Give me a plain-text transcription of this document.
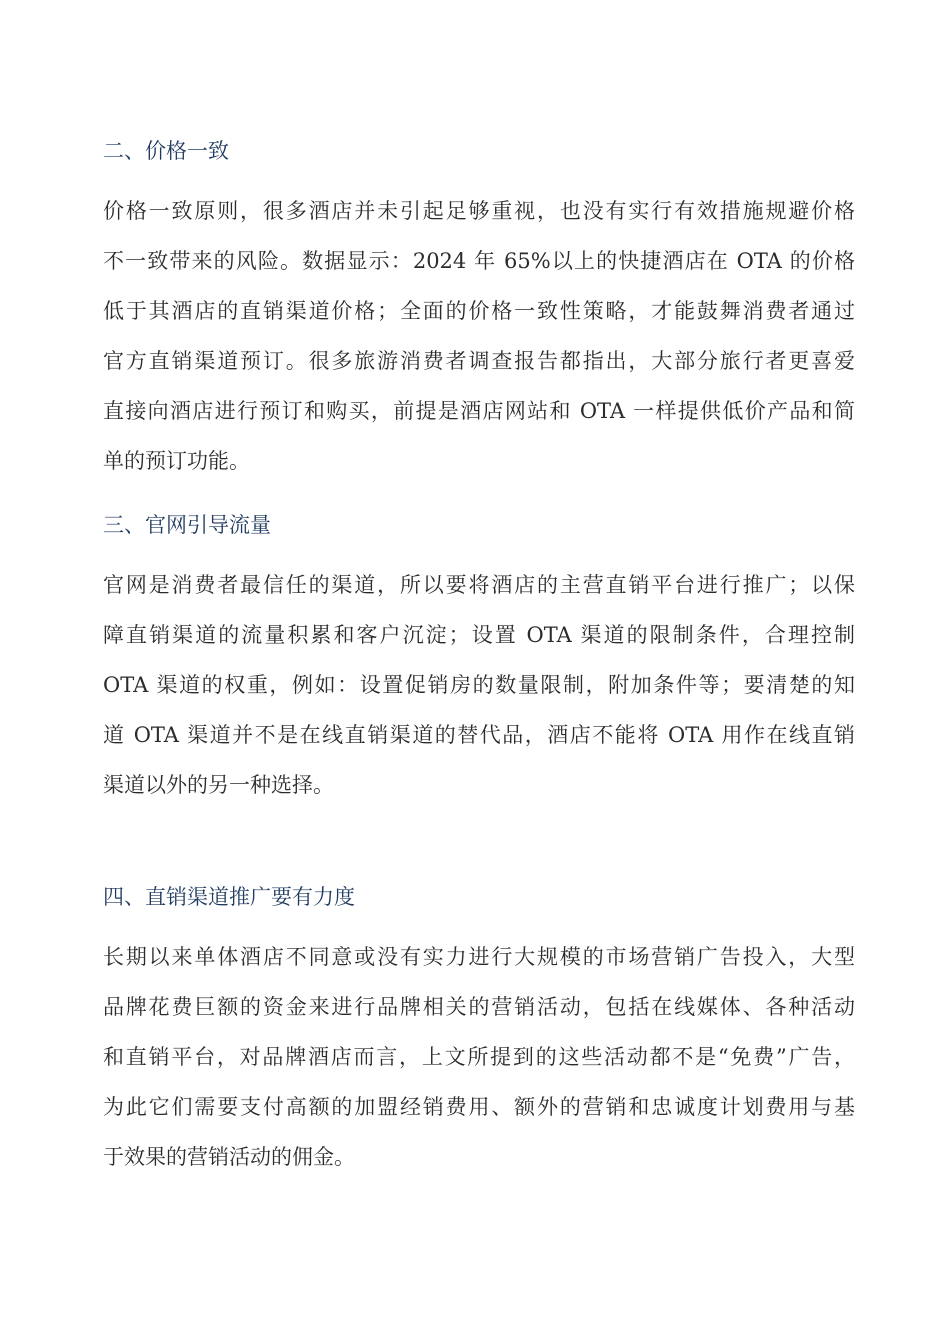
二、价格一致

价格一致原则，很多酒店并未引起足够重视，也没有实行有效措施规避价格

不一致带来的风险。数据显示：2024 年 65%以上的快捷酒店在 OTA 的价格

低于其酒店的直销渠道价格；全面的价格一致性策略，才能鼓舞消费者通过

官方直销渠道预订。很多旅游消费者调查报告都指出，大部分旅行者更喜爱

直接向酒店进行预订和购买，前提是酒店网站和 OTA 一样提供低价产品和简

单的预订功能。

三、官网引导流量

官网是消费者最信任的渠道，所以要将酒店的主营直销平台进行推广；以保

障直销渠道的流量积累和客户沉淀；设置 OTA 渠道的限制条件，合理控制

OTA 渠道的权重，例如：设置促销房的数量限制，附加条件等；要清楚的知

道 OTA 渠道并不是在线直销渠道的替代品，酒店不能将 OTA 用作在线直销

渠道以外的另一种选择。

四、直销渠道推广要有力度

长期以来单体酒店不同意或没有实力进行大规模的市场营销广告投入，大型

品牌花费巨额的资金来进行品牌相关的营销活动，包括在线媒体、各种活动

和直销平台，对品牌酒店而言，上文所提到的这些活动都不是“免费”广告，

为此它们需要支付高额的加盟经销费用、额外的营销和忠诚度计划费用与基

于效果的营销活动的佣金。
